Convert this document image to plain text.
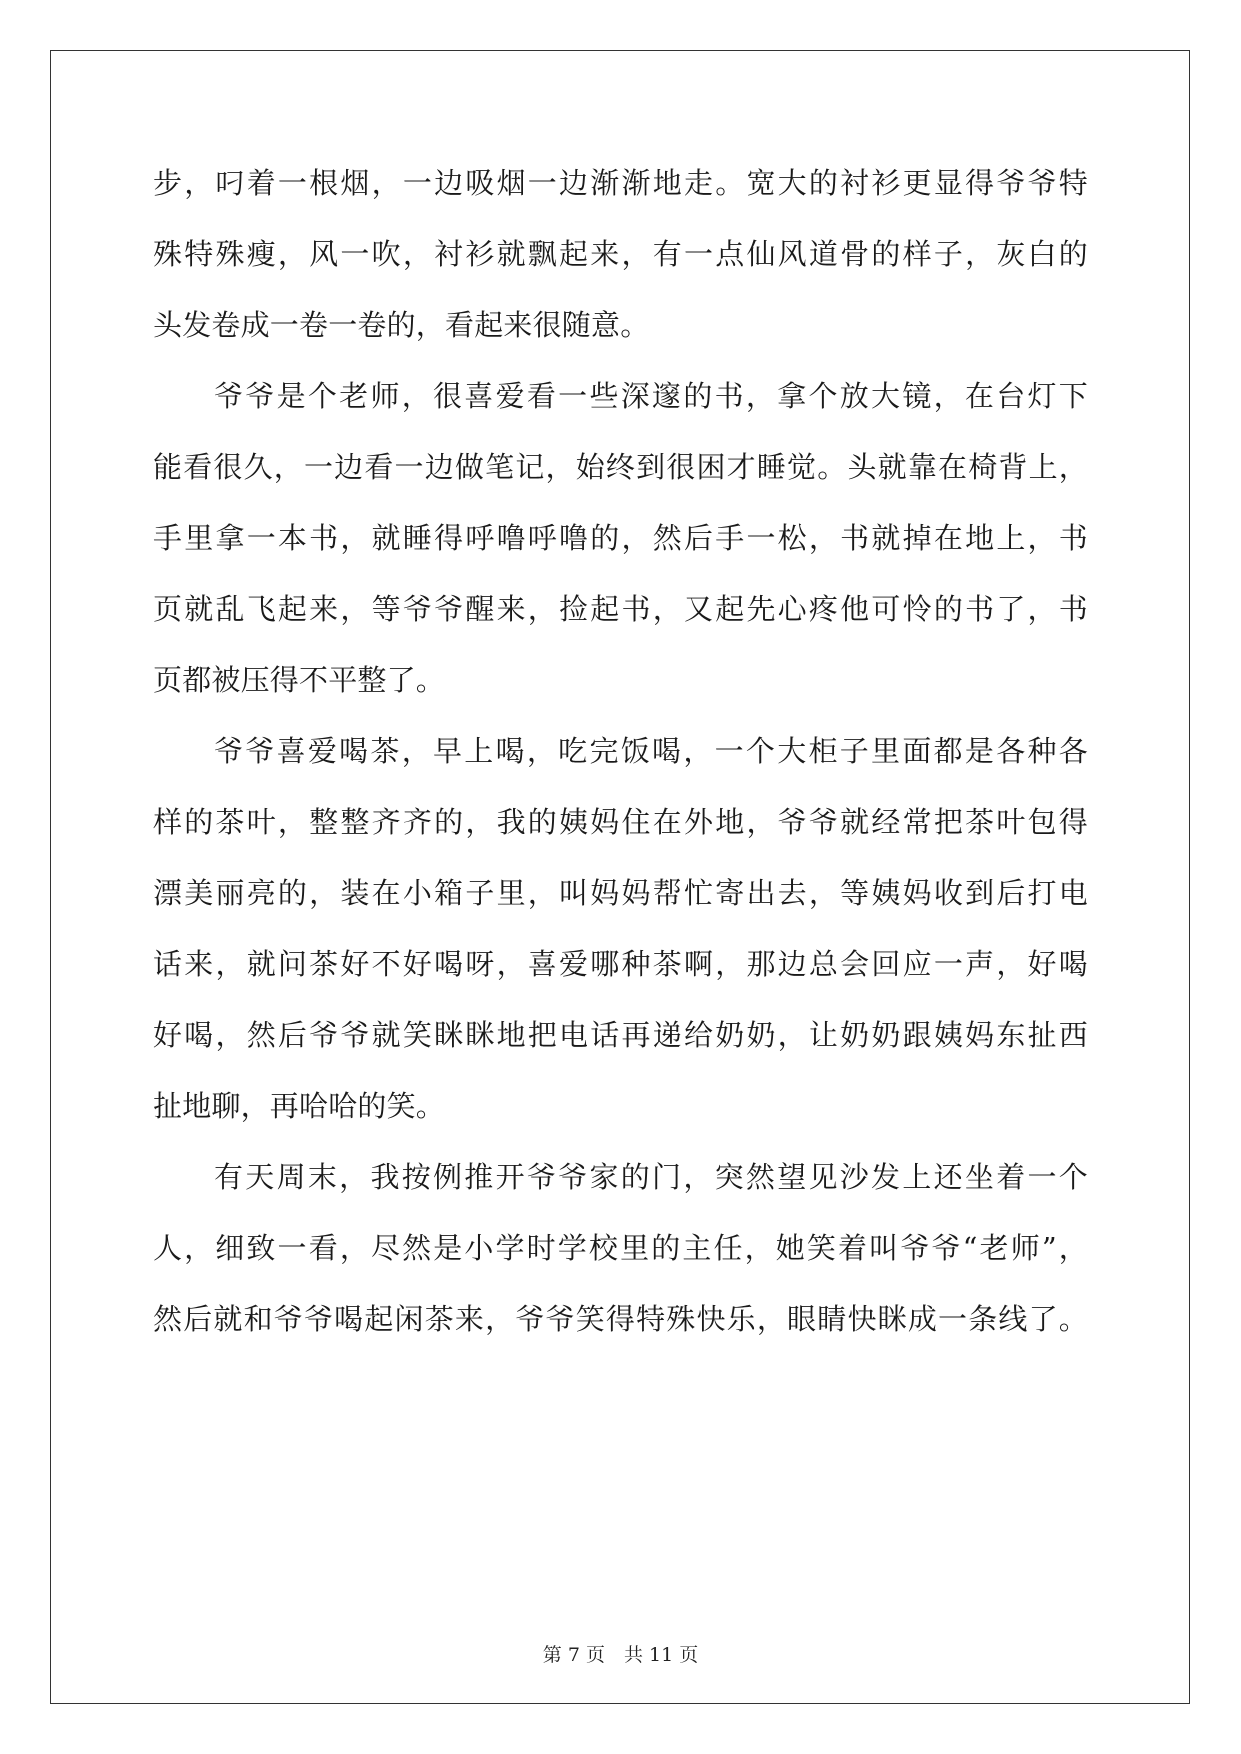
步，叼着一根烟，一边吸烟一边渐渐地走。宽大的衬衫更显得爷爷特
殊特殊瘦，风一吹，衬衫就飘起来，有一点仙风道骨的样子，灰白的
头发卷成一卷一卷的，看起来很随意。
爷爷是个老师，很喜爱看一些深邃的书，拿个放大镜，在台灯下
能看很久，一边看一边做笔记，始终到很困才睡觉。头就靠在椅背上，
手里拿一本书，就睡得呼噜呼噜的，然后手一松，书就掉在地上，书
页就乱飞起来，等爷爷醒来，捡起书，又起先心疼他可怜的书了，书
页都被压得不平整了。
爷爷喜爱喝茶，早上喝，吃完饭喝，一个大柜子里面都是各种各
样的茶叶，整整齐齐的，我的姨妈住在外地，爷爷就经常把茶叶包得
漂美丽亮的，装在小箱子里，叫妈妈帮忙寄出去，等姨妈收到后打电
话来，就问茶好不好喝呀，喜爱哪种茶啊，那边总会回应一声，好喝
好喝，然后爷爷就笑眯眯地把电话再递给奶奶，让奶奶跟姨妈东扯西
扯地聊，再哈哈的笑。
有天周末，我按例推开爷爷家的门，突然望见沙发上还坐着一个
人，细致一看，尽然是小学时学校里的主任，她笑着叫爷爷“老师”，
然后就和爷爷喝起闲茶来，爷爷笑得特殊快乐，眼睛快眯成一条线了。
第 7 页　共 11 页
